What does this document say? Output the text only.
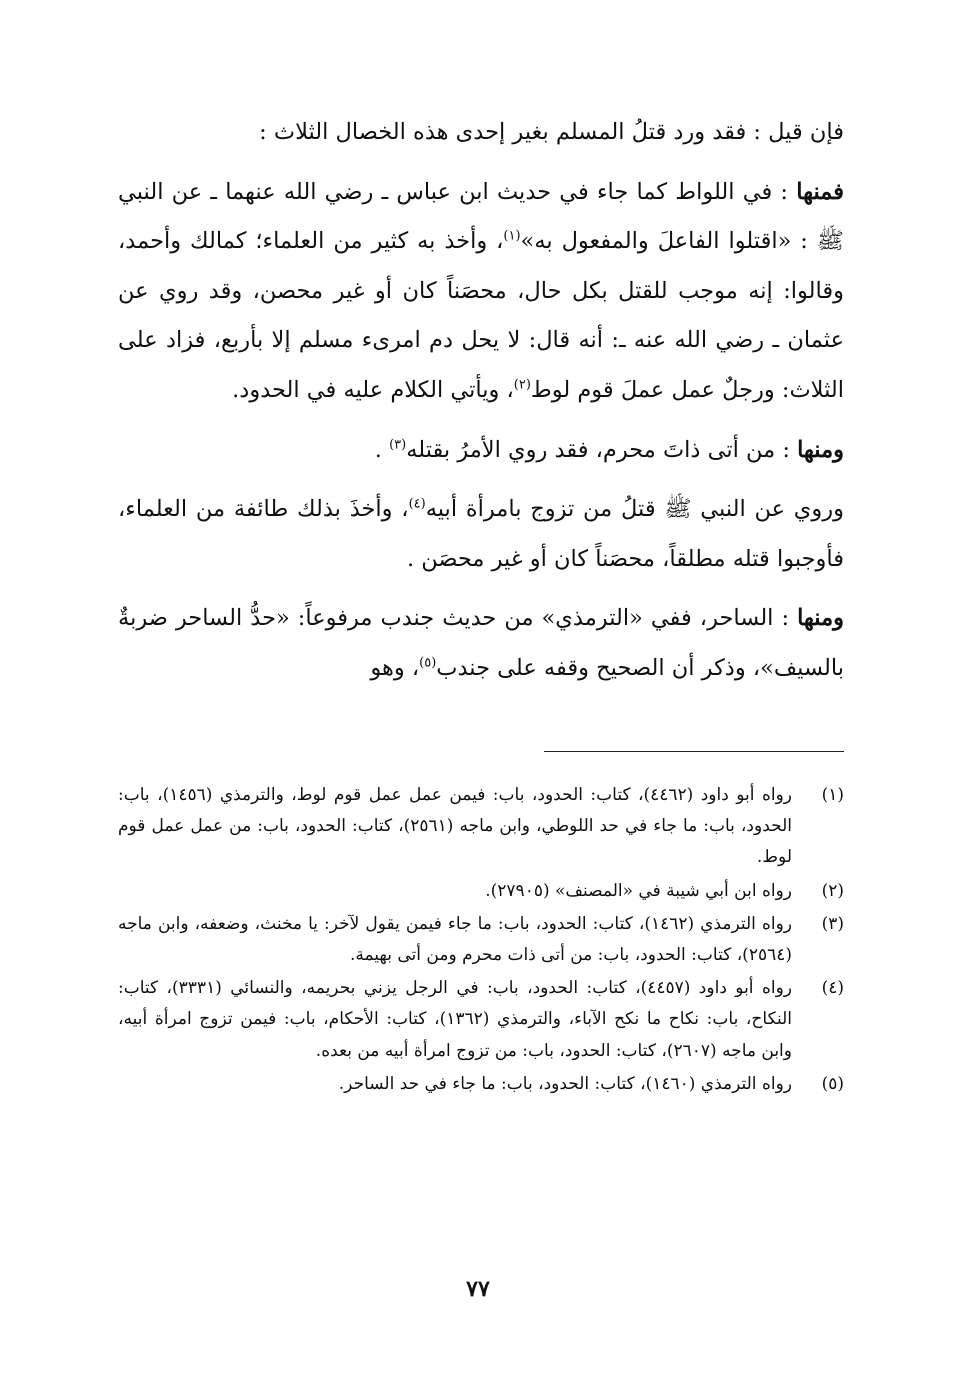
فإن قيل : فقد ورد قتلُ المسلم بغير إحدى هذه الخصال الثلاث :

فمنها : في اللواط كما جاء في حديث ابن عباس ـ رضي الله عنهما ـ عن النبي ﷺ : «اقتلوا الفاعلَ والمفعول به»$^{(١)}$، وأخذ به كثير من العلماء؛ كمالك وأحمد، وقالوا: إنه موجب للقتل بكل حال، محصَناً كان أو غير محصن، وقد روي عن عثمان ـ رضي الله عنه ـ: أنه قال: لا يحل دم امرىء مسلم إلا بأربع، فزاد على الثلاث: ورجلٌ عمل عملَ قوم لوط$^{(٢)}$، ويأتي الكلام عليه في الحدود.

ومنها : من أتى ذاتَ محرم، فقد روي الأمرُ بقتله$^{(٣)}$ .

وروي عن النبي ﷺ قتلُ من تزوج بامرأة أبيه$^{(٤)}$، وأخذَ بذلك طائفة من العلماء، فأوجبوا قتله مطلقاً، محصَناً كان أو غير محصَن .

ومنها : الساحر، ففي «الترمذي» من حديث جندب مرفوعاً: «حدُّ الساحر ضربةٌ بالسيف»، وذكر أن الصحيح وقفه على جندب$^{(٥)}$، وهو

(١)
رواه أبو داود (٤٤٦٢)، كتاب: الحدود، باب: فيمن عمل عمل قوم لوط، والترمذي (١٤٥٦)، باب: الحدود، باب: ما جاء في حد اللوطي، وابن ماجه (٢٥٦١)، كتاب: الحدود، باب: من عمل عمل قوم لوط.
(٢)
رواه ابن أبي شيبة في «المصنف» (٢٧٩٠٥).
(٣)
رواه الترمذي (١٤٦٢)، كتاب: الحدود، باب: ما جاء فيمن يقول لآخر: يا مخنث، وضعفه، وابن ماجه (٢٥٦٤)، كتاب: الحدود، باب: من أتى ذات محرم ومن أتى بهيمة.
(٤)
رواه أبو داود (٤٤٥٧)، كتاب: الحدود، باب: في الرجل يزني بحريمه، والنسائي (٣٣٣١)، كتاب: النكاح، باب: نكاح ما نكح الآباء، والترمذي (١٣٦٢)، كتاب: الأحكام، باب: فيمن تزوج امرأة أبيه، وابن ماجه (٢٦٠٧)، كتاب: الحدود، باب: من تزوج امرأة أبيه من بعده.
(٥)
رواه الترمذي (١٤٦٠)، كتاب: الحدود، باب: ما جاء في حد الساحر.
٧٧
